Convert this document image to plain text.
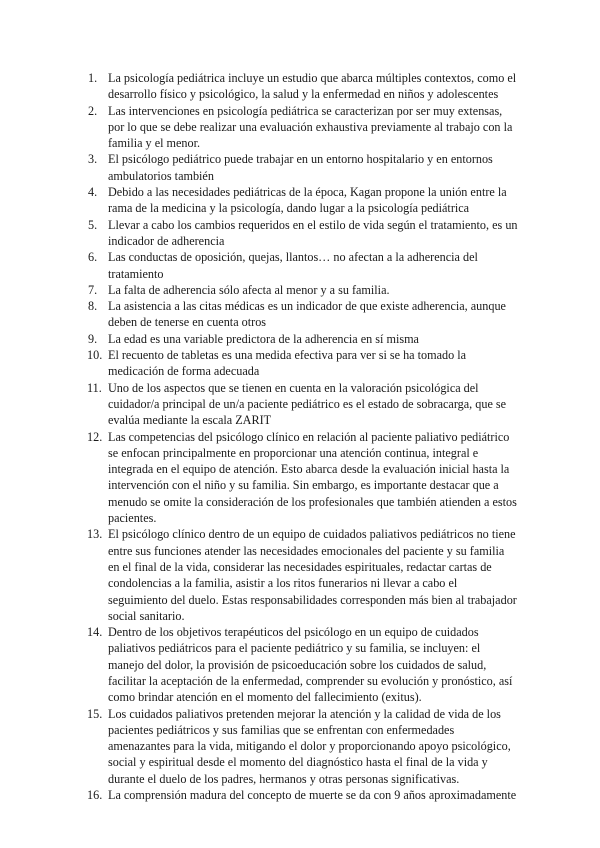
1. La psicología pediátrica incluye un estudio que abarca múltiples contextos, como el desarrollo físico y psicológico, la salud y la enfermedad en niños y adolescentes
2. Las intervenciones en psicología pediátrica se caracterizan por ser muy extensas, por lo que se debe realizar una evaluación exhaustiva previamente al trabajo con la familia y el menor.
3. El psicólogo pediátrico puede trabajar en un entorno hospitalario y en entornos ambulatorios también
4. Debido a las necesidades pediátricas de la época, Kagan propone la unión entre la rama de la medicina y la psicología, dando lugar a la psicología pediátrica
5. Llevar a cabo los cambios requeridos en el estilo de vida según el tratamiento, es un indicador de adherencia
6. Las conductas de oposición, quejas, llantos… no afectan a la adherencia del tratamiento
7. La falta de adherencia sólo afecta al menor y a su familia.
8. La asistencia a las citas médicas es un indicador de que existe adherencia, aunque deben de tenerse en cuenta otros
9. La edad es una variable predictora de la adherencia en sí misma
10. El recuento de tabletas es una medida efectiva para ver si se ha tomado la medicación de forma adecuada
11. Uno de los aspectos que se tienen en cuenta en la valoración psicológica del cuidador/a principal de un/a paciente pediátrico es el estado de sobracarga, que se evalúa mediante la escala ZARIT
12. Las competencias del psicólogo clínico en relación al paciente paliativo pediátrico se enfocan principalmente en proporcionar una atención continua, integral e integrada en el equipo de atención. Esto abarca desde la evaluación inicial hasta la intervención con el niño y su familia. Sin embargo, es importante destacar que a menudo se omite la consideración de los profesionales que también atienden a estos pacientes.
13. El psicólogo clínico dentro de un equipo de cuidados paliativos pediátricos no tiene entre sus funciones atender las necesidades emocionales del paciente y su familia en el final de la vida, considerar las necesidades espirituales, redactar cartas de condolencias a la familia, asistir a los ritos funerarios ni llevar a cabo el seguimiento del duelo. Estas responsabilidades corresponden más bien al trabajador social sanitario.
14. Dentro de los objetivos terapéuticos del psicólogo en un equipo de cuidados paliativos pediátricos para el paciente pediátrico y su familia, se incluyen: el manejo del dolor, la provisión de psicoeducación sobre los cuidados de salud, facilitar la aceptación de la enfermedad, comprender su evolución y pronóstico, así como brindar atención en el momento del fallecimiento (exitus).
15. Los cuidados paliativos pretenden mejorar la atención y la calidad de vida de los pacientes pediátricos y sus familias que se enfrentan con enfermedades amenazantes para la vida, mitigando el dolor y proporcionando apoyo psicológico, social y espiritual desde el momento del diagnóstico hasta el final de la vida y durante el duelo de los padres, hermanos y otras personas significativas.
16. La comprensión madura del concepto de muerte se da con 9 años aproximadamente
